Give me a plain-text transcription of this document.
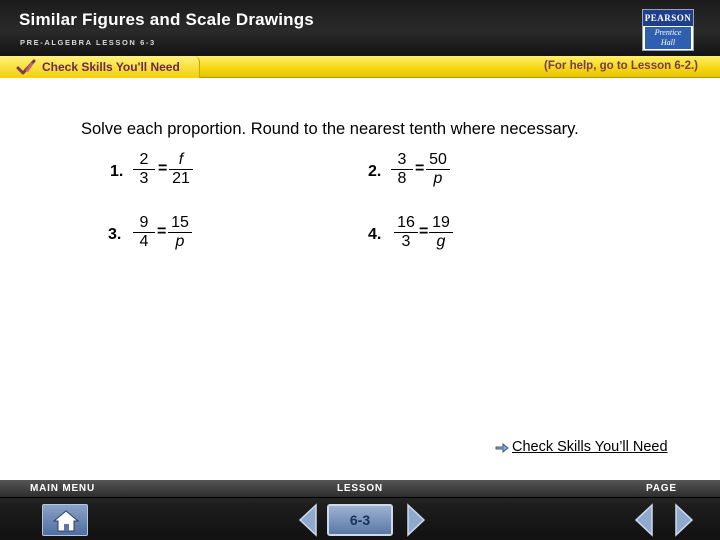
Similar Figures and Scale Drawings
PRE-ALGEBRA LESSON 6-3
PEARSON
Prentice
Hall
Check Skills You'll Need	(For help, go to Lesson 6-2.)
Solve each proportion. Round to the nearest tenth where necessary.
1. $\frac{2}{3} = \frac{f}{21}$	2. $\frac{3}{8} = \frac{50}{p}$
3. $\frac{9}{4} = \frac{15}{p}$	4. $\frac{16}{3} = \frac{19}{g}$
Check Skills You’ll Need
MAIN MENU	LESSON	PAGE
6-3
